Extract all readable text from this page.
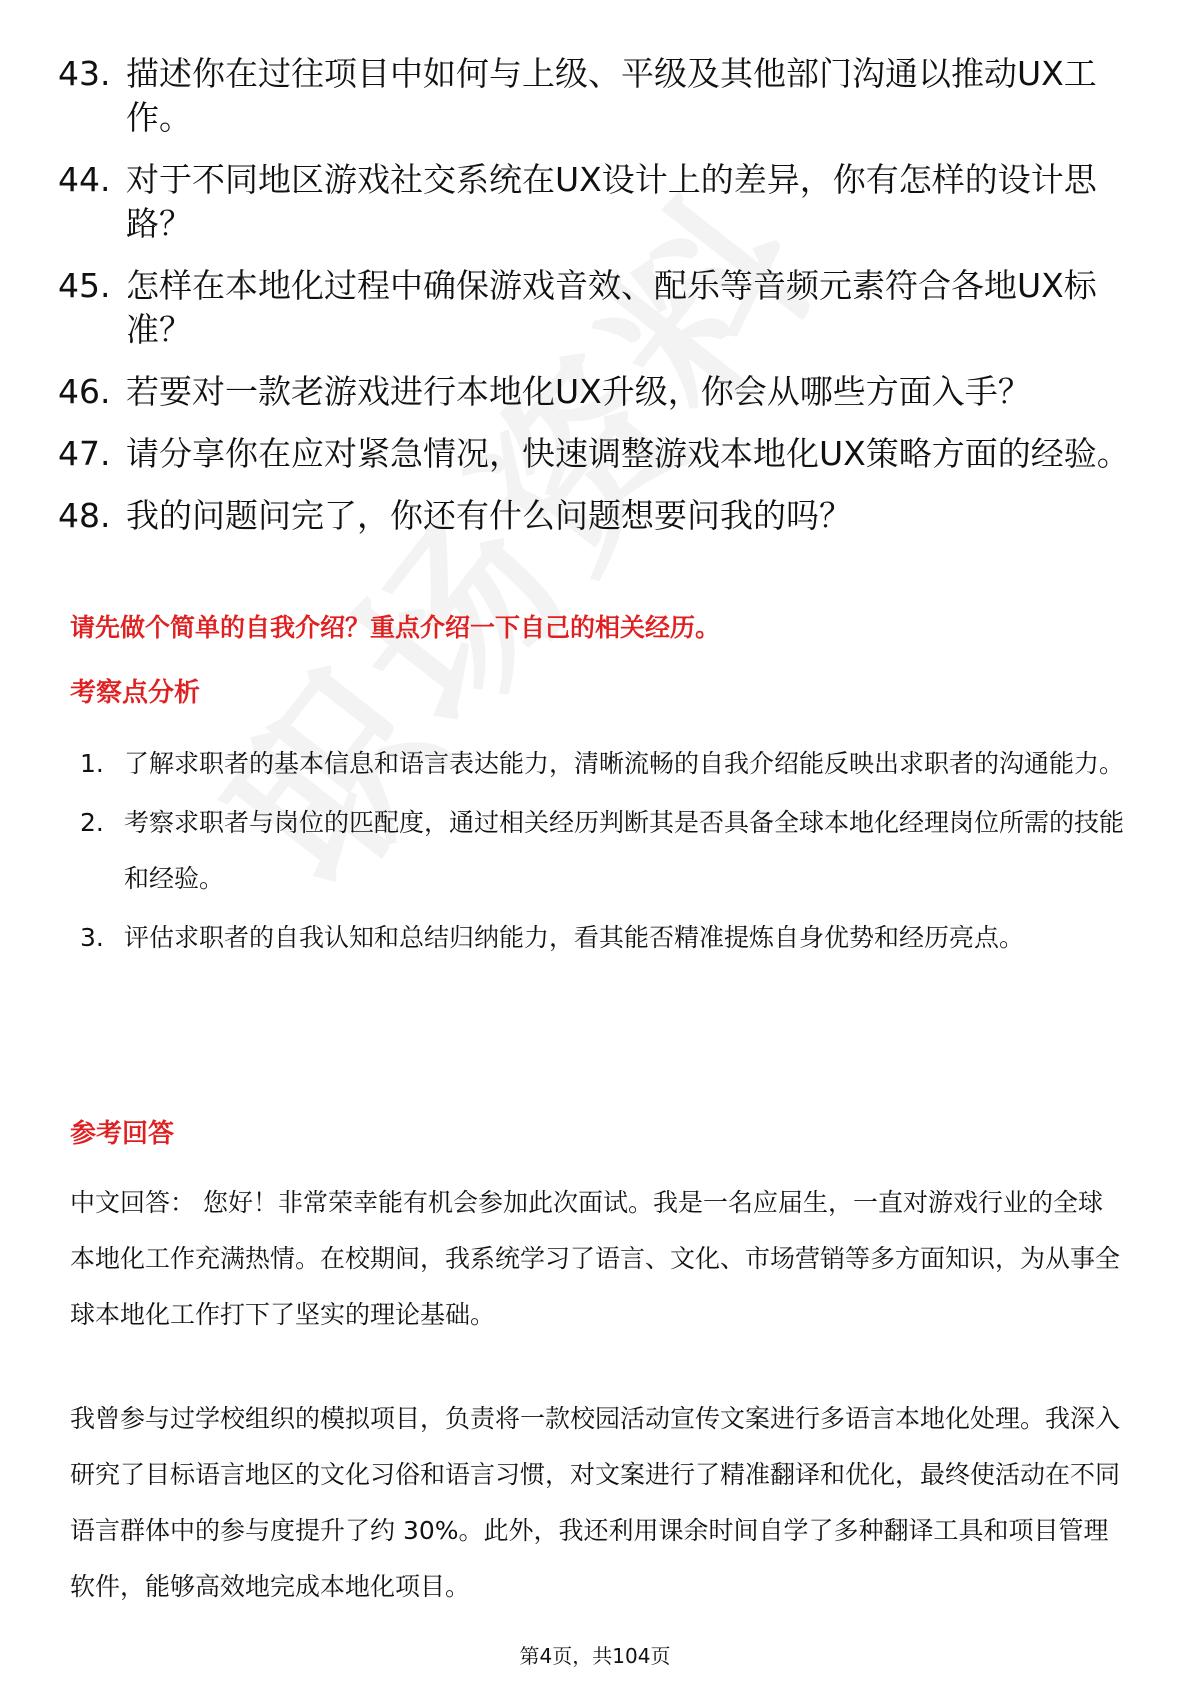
43. 描述你在过往项目中如何与上级、平级及其他部门沟通以推动UX工作。
44. 对于不同地区游戏社交系统在UX设计上的差异，你有怎样的设计思路？
45. 怎样在本地化过程中确保游戏音效、配乐等音频元素符合各地UX标准？
46. 若要对一款老游戏进行本地化UX升级，你会从哪些方面入手？
47. 请分享你在应对紧急情况，快速调整游戏本地化UX策略方面的经验。
48. 我的问题问完了，你还有什么问题想要问我的吗？
请先做个简单的自我介绍？重点介绍一下自己的相关经历。
考察点分析
1. 了解求职者的基本信息和语言表达能力，清晰流畅的自我介绍能反映出求职者的沟通能力。
2. 考察求职者与岗位的匹配度，通过相关经历判断其是否具备全球本地化经理岗位所需的技能和经验。
3. 评估求职者的自我认知和总结归纳能力，看其能否精准提炼自身优势和经历亮点。
参考回答

中文回答： 您好！非常荣幸能有机会参加此次面试。我是一名应届生，一直对游戏行业的全球本地化工作充满热情。在校期间，我系统学习了语言、文化、市场营销等多方面知识，为从事全球本地化工作打下了坚实的理论基础。

我曾参与过学校组织的模拟项目，负责将一款校园活动宣传文案进行多语言本地化处理。我深入研究了目标语言地区的文化习俗和语言习惯，对文案进行了精准翻译和优化，最终使活动在不同语言群体中的参与度提升了约 30%。此外，我还利用课余时间自学了多种翻译工具和项目管理软件，能够高效地完成本地化项目。

第4页，共104页
